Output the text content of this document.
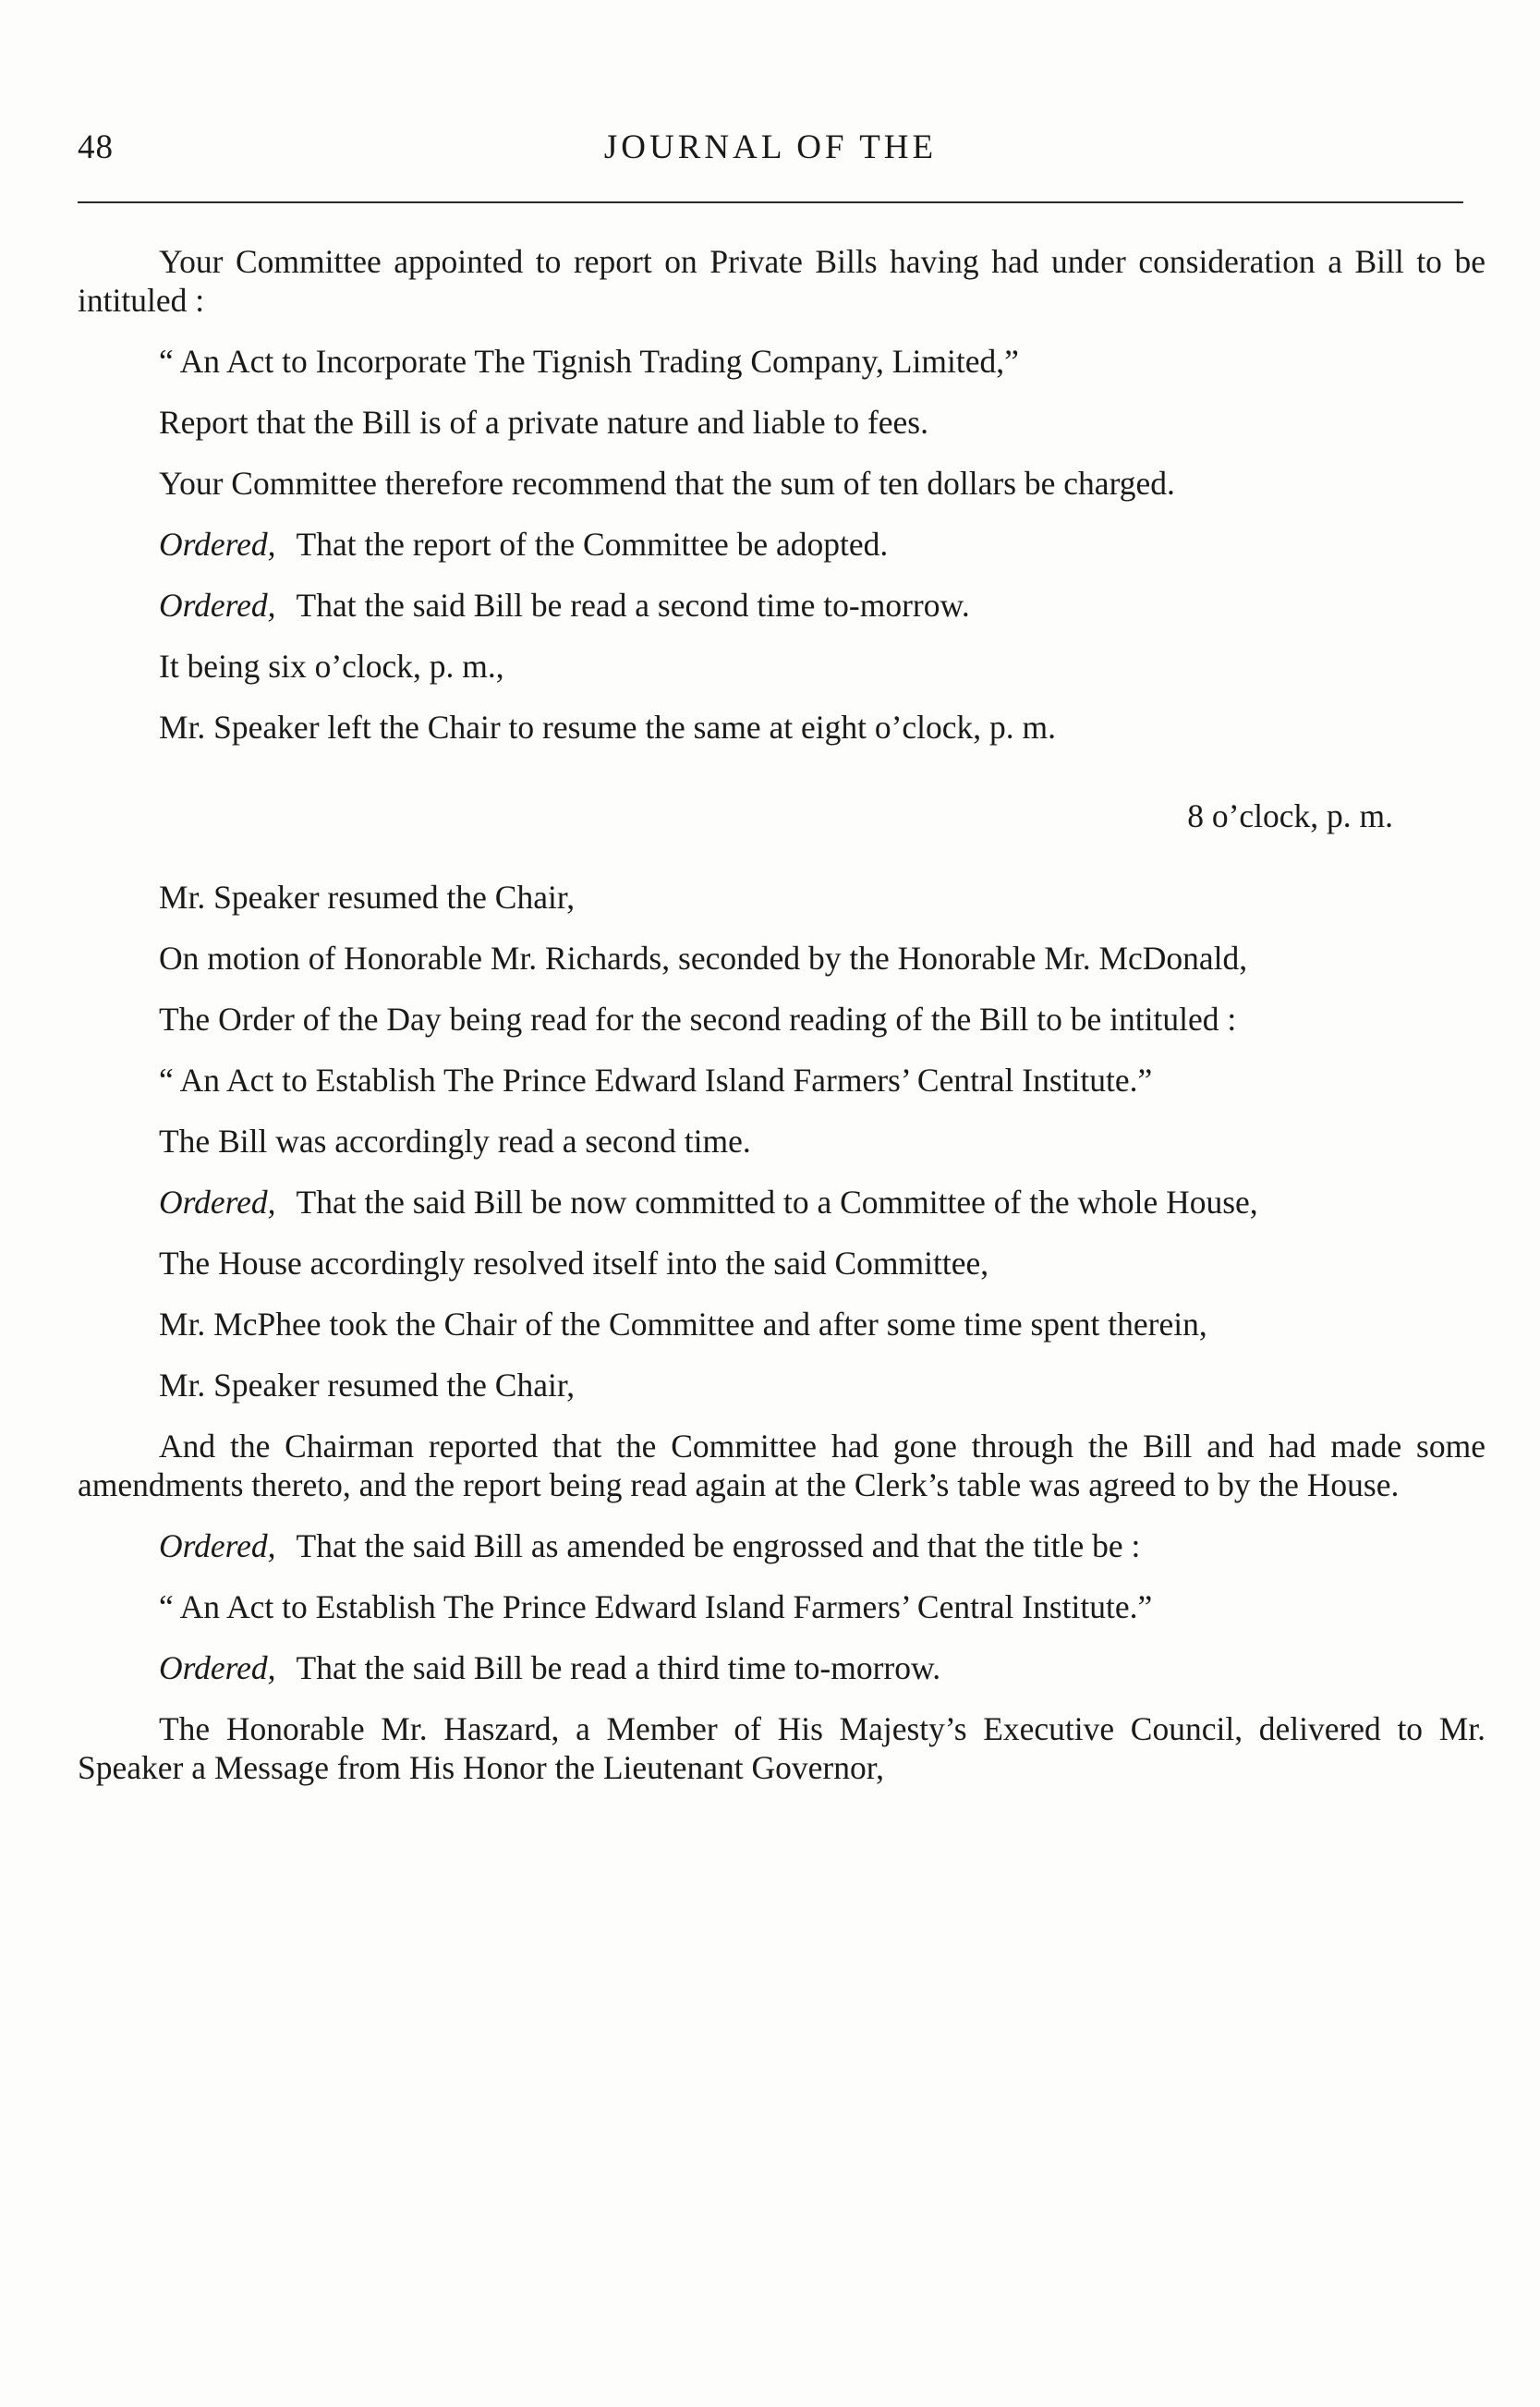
48	JOURNAL OF THE

Your Committee appointed to report on Private Bills having had under consideration a Bill to be intituled :

“ An Act to Incorporate The Tignish Trading Company, Limited,”

Report that the Bill is of a private nature and liable to fees.

Your Committee therefore recommend that the sum of ten dollars be charged.

Ordered, That the report of the Committee be adopted.

Ordered, That the said Bill be read a second time to-morrow.

It being six o’clock, p. m.,

Mr. Speaker left the Chair to resume the same at eight o’clock, p. m.

8 o’clock, p. m.

Mr. Speaker resumed the Chair,

On motion of Honorable Mr. Richards, seconded by the Honorable Mr. McDonald,

The Order of the Day being read for the second reading of the Bill to be intituled :

“ An Act to Establish The Prince Edward Island Farmers’ Central Institute.”

The Bill was accordingly read a second time.

Ordered, That the said Bill be now committed to a Committee of the whole House,

The House accordingly resolved itself into the said Committee,

Mr. McPhee took the Chair of the Committee and after some time spent therein,

Mr. Speaker resumed the Chair,

And the Chairman reported that the Committee had gone through the Bill and had made some amendments thereto, and the report being read again at the Clerk’s table was agreed to by the House.

Ordered, That the said Bill as amended be engrossed and that the title be :

“ An Act to Establish The Prince Edward Island Farmers’ Central Institute.”

Ordered, That the said Bill be read a third time to-morrow.

The Honorable Mr. Haszard, a Member of His Majesty’s Executive Council, delivered to Mr. Speaker a Message from His Honor the Lieutenant Governor,
